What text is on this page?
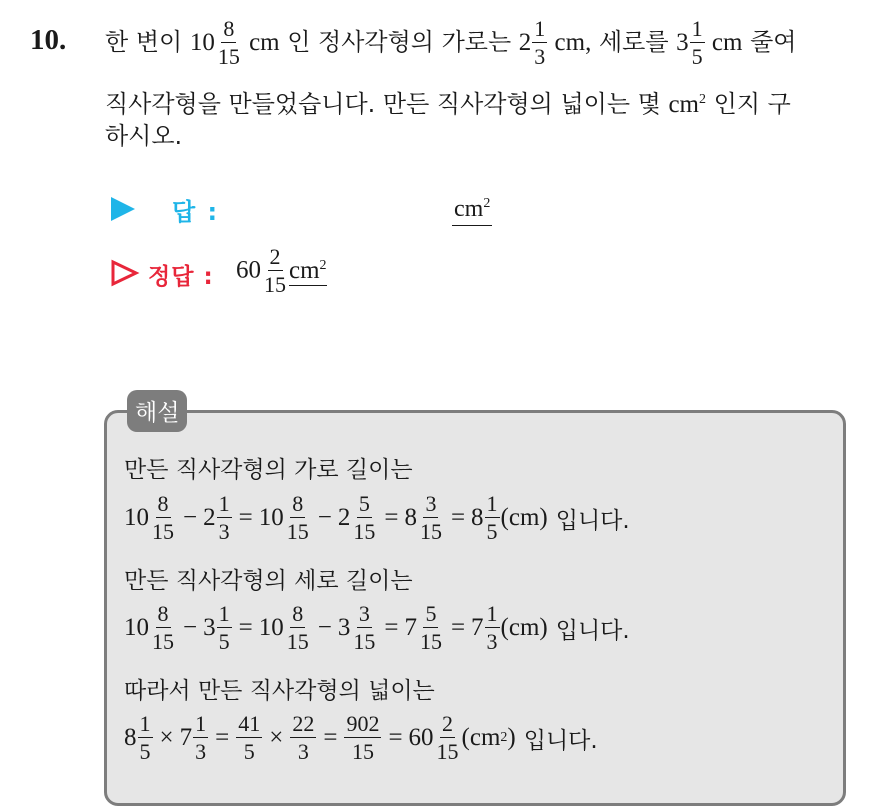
10. 한 변이 $10 \frac{8}{15}$ cm 인 정사각형의 가로는 $2 \frac{1}{3}$ cm, 세로를 $3 \frac{1}{5}$ cm 줄여
직사각형을 만들었습니다. 만든 직사각형의 넓이는 몇 $cm^2$ 인지 구
하시오.
답 :	$cm^2$
정답 : $60 \frac{2}{15} cm^2$
해설
만든 직사각형의 가로 길이는
$10 \frac{8}{15} - 2 \frac{1}{3} = 10 \frac{8}{15} - 2 \frac{5}{15} = 8 \frac{3}{15} = 8 \frac{1}{5} (cm)$ 입니다.
만든 직사각형의 세로 길이는
$10 \frac{8}{15} - 3 \frac{1}{5} = 10 \frac{8}{15} - 3 \frac{3}{15} = 7 \frac{5}{15} = 7 \frac{1}{3} (cm)$ 입니다.
따라서 만든 직사각형의 넓이는
$8 \frac{1}{5} \times 7 \frac{1}{3} = \frac{41}{5} \times \frac{22}{3} = \frac{902}{15} = 60 \frac{2}{15} (cm$ 2 ) 입니다.
